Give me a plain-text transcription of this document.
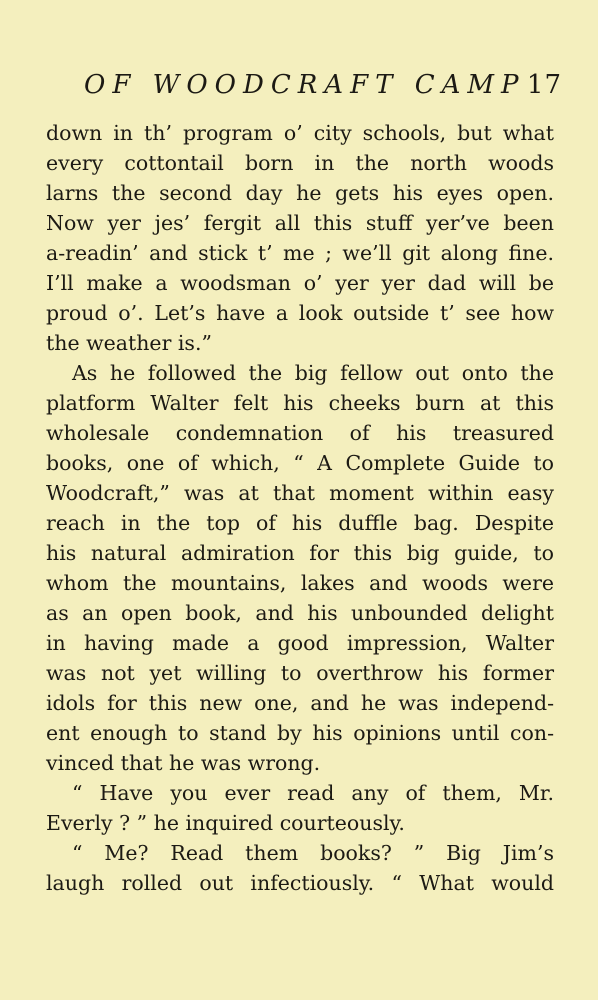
OF WOODCRAFT CAMP 17
down in th’ program o’ city schools, but what
every cottontail born in the north woods
larns the second day he gets his eyes open.
Now yer jes’ fergit all this stuff yer’ve been
a-readin’ and stick t’ me ; we’ll git along fine.
I’ll make a woodsman o’ yer yer dad will be
proud o’. Let’s have a look outside t’ see how
the weather is.”
As he followed the big fellow out onto the
platform Walter felt his cheeks burn at this
wholesale condemnation of his treasured
books, one of which, “ A Complete Guide to
Woodcraft,” was at that moment within easy
reach in the top of his duffle bag. Despite
his natural admiration for this big guide, to
whom the mountains, lakes and woods were
as an open book, and his unbounded delight
in having made a good impression, Walter
was not yet willing to overthrow his former
idols for this new one, and he was independ-
ent enough to stand by his opinions until con-
vinced that he was wrong.
“ Have you ever read any of them, Mr.
Everly ? ” he inquired courteously.
“ Me? Read them books? ” Big Jim’s
laugh rolled out infectiously. “ What would
